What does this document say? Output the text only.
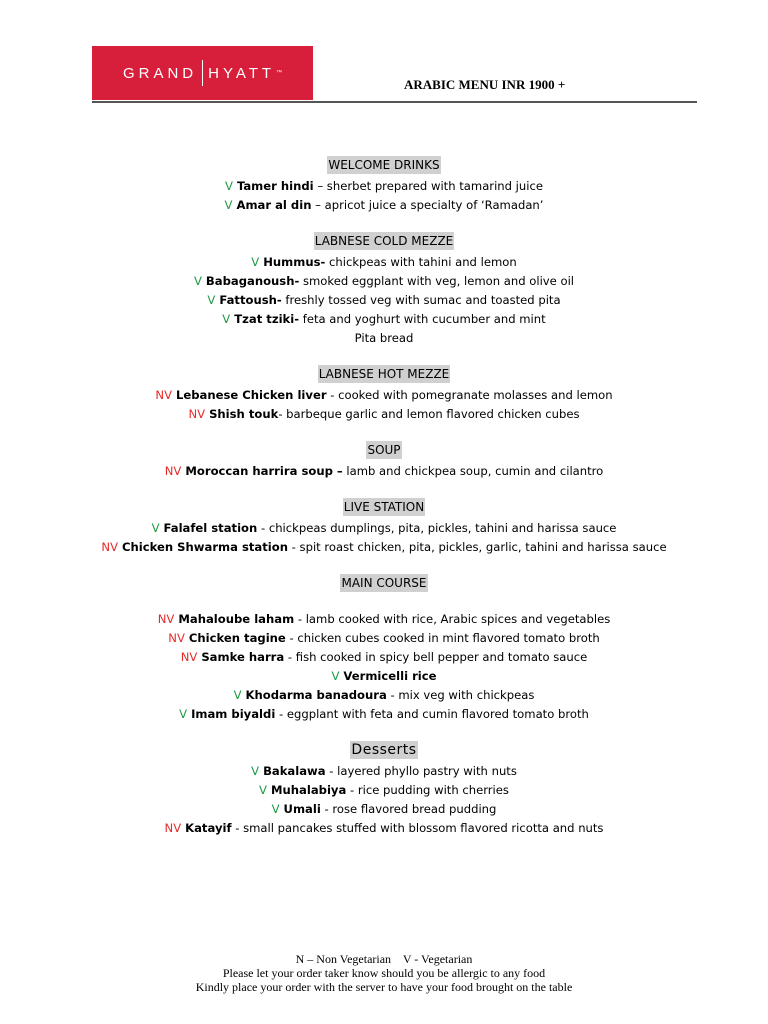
GRAND HYATT ™
ARABIC MENU INR 1900 +
WELCOME DRINKS
V Tamer hindi – sherbet prepared with tamarind juice
V Amar al din – apricot juice a specialty of ‘Ramadan’
LABNESE COLD MEZZE
V Hummus- chickpeas with tahini and lemon
V Babaganoush- smoked eggplant with veg, lemon and olive oil
V Fattoush- freshly tossed veg with sumac and toasted pita
V Tzat tziki- feta and yoghurt with cucumber and mint
Pita bread
LABNESE HOT MEZZE
NV Lebanese Chicken liver - cooked with pomegranate molasses and lemon
NV Shish touk- barbeque garlic and lemon flavored chicken cubes
SOUP
NV Moroccan harrira soup – lamb and chickpea soup, cumin and cilantro
LIVE STATION
V Falafel station - chickpeas dumplings, pita, pickles, tahini and harissa sauce
NV Chicken Shwarma station - spit roast chicken, pita, pickles, garlic, tahini and harissa sauce
MAIN COURSE
NV Mahaloube laham - lamb cooked with rice, Arabic spices and vegetables
NV Chicken tagine - chicken cubes cooked in mint flavored tomato broth
NV Samke harra - fish cooked in spicy bell pepper and tomato sauce
V Vermicelli rice
V Khodarma banadoura - mix veg with chickpeas
V Imam biyaldi - eggplant with feta and cumin flavored tomato broth
Desserts
V Bakalawa - layered phyllo pastry with nuts
V Muhalabiya - rice pudding with cherries
V Umali - rose flavored bread pudding
NV Katayif - small pancakes stuffed with blossom flavored ricotta and nuts
N – Non Vegetarian    V - Vegetarian
Please let your order taker know should you be allergic to any food
Kindly place your order with the server to have your food brought on the table
